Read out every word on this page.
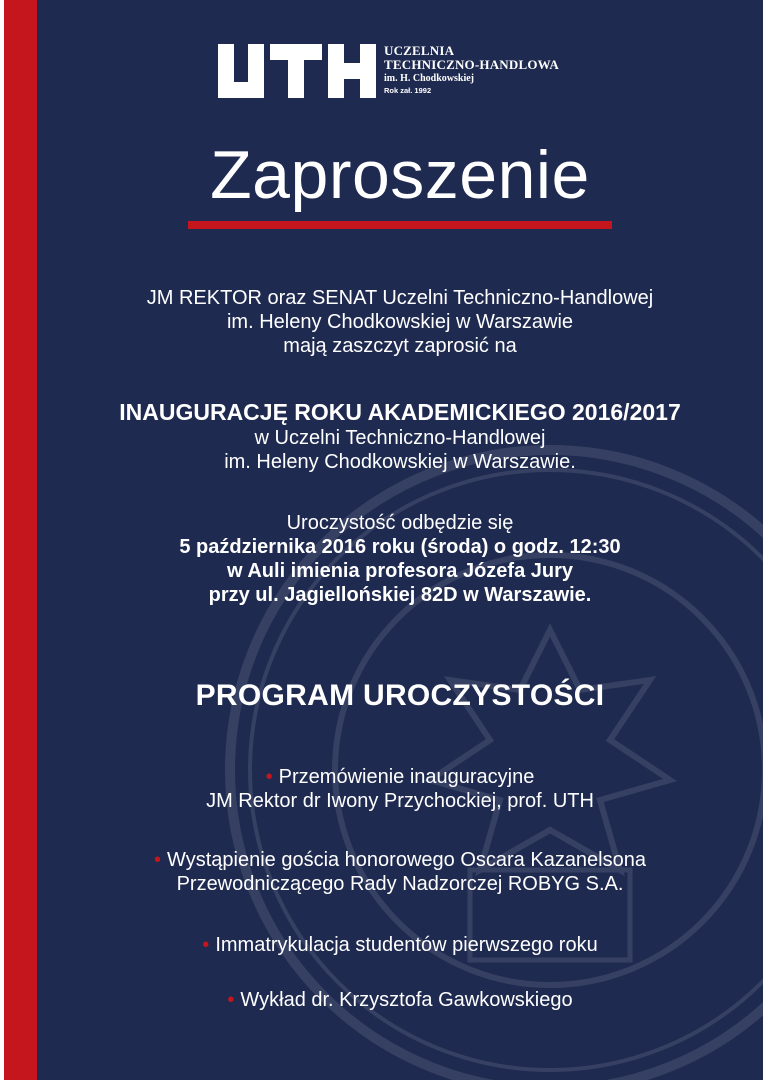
UCZELNIA
TECHNICZNO-HANDLOWA
im. H. Chodkowskiej
Rok zał. 1992
Zaproszenie
JM REKTOR oraz SENAT Uczelni Techniczno-Handlowej
im. Heleny Chodkowskiej w Warszawie
mają zaszczyt zaprosić na
INAUGURACJĘ ROKU AKADEMICKIEGO 2016/2017
w Uczelni Techniczno-Handlowej
im. Heleny Chodkowskiej w Warszawie.
Uroczystość odbędzie się
5 października 2016 roku (środa) o godz. 12:30
w Auli imienia profesora Józefa Jury
przy ul. Jagiellońskiej 82D w Warszawie.
PROGRAM UROCZYSTOŚCI
• Przemówienie inauguracyjne
JM Rektor dr Iwony Przychockiej, prof. UTH
• Wystąpienie gościa honorowego Oscara Kazanelsona
Przewodniczącego Rady Nadzorczej ROBYG S.A.
• Immatrykulacja studentów pierwszego roku
• Wykład dr. Krzysztofa Gawkowskiego
